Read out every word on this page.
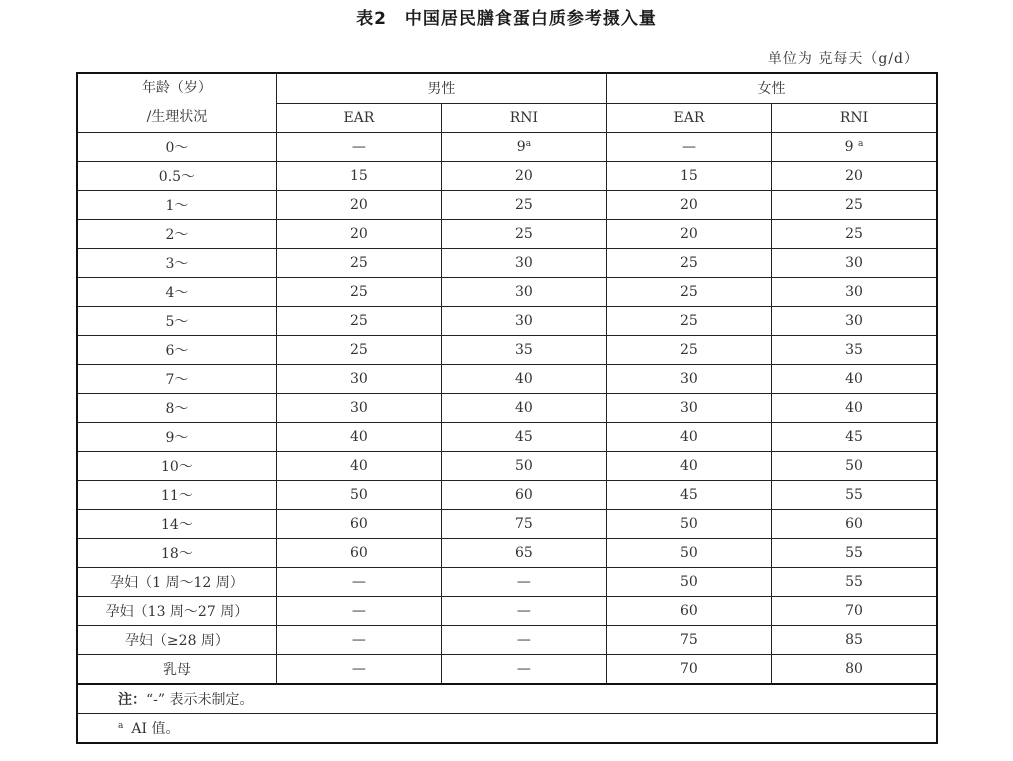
表2 中国居民膳食蛋白质参考摄入量
单位为 克每天（g/d）
年龄（岁）
/生理状况	男性		女性	
	EAR	RNI	EAR	RNI
0～	—	9$^a$	—	9 $^a$
0.5～	15	20	15	20
1～	20	25	20	25
2～	20	25	20	25
3～	25	30	25	30
4～	25	30	25	30
5～	25	30	25	30
6～	25	35	25	35
7～	30	40	30	40
8～	30	40	30	40
9～	40	45	40	45
10～	40	50	40	50
11～	50	60	45	55
14～	60	75	50	60
18～	60	65	50	55
孕妇（1 周～12 周）	—	—	50	55
孕妇（13 周～27 周）	—	—	60	70
孕妇（≥28 周）	—	—	75	85
乳母	—	—	70	80
注：“-” 表示未制定。				
$^a$ AI 值。				
